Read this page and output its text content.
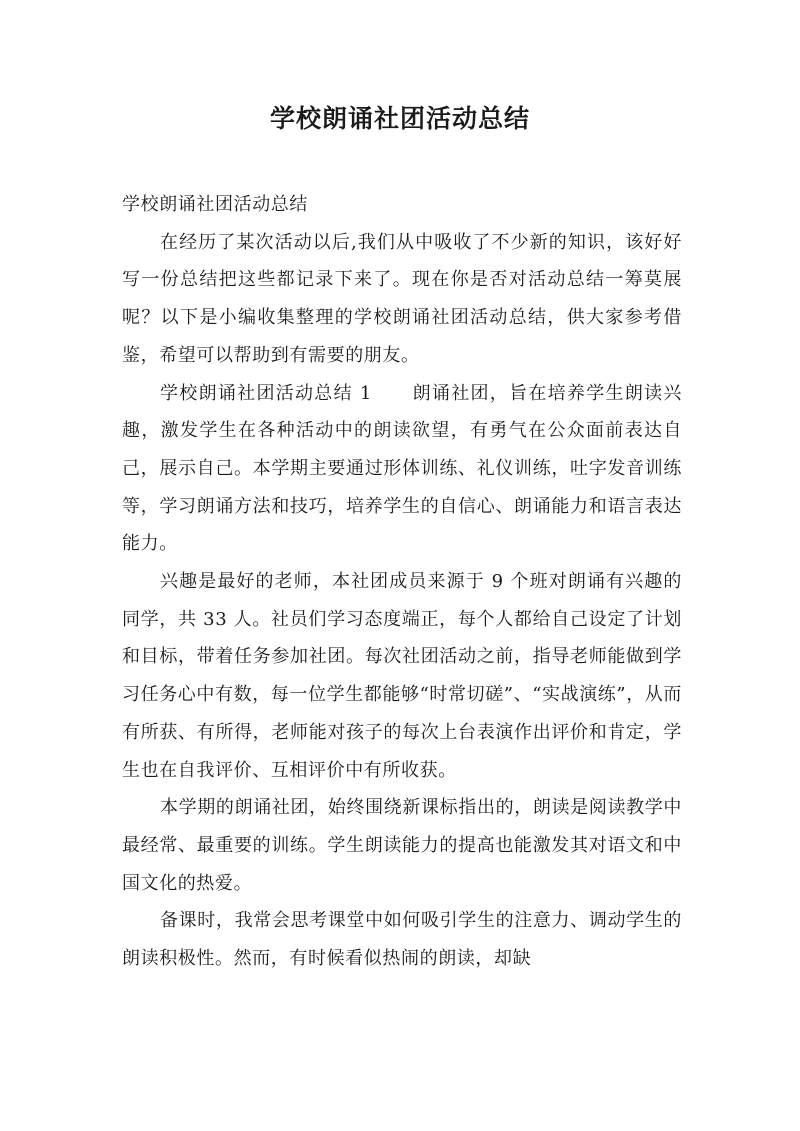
学校朗诵社团活动总结

学校朗诵社团活动总结

在经历了某次活动以后,我们从中吸收了不少新的知识，该好好写一份总结把这些都记录下来了。现在你是否对活动总结一筹莫展呢？以下是小编收集整理的学校朗诵社团活动总结，供大家参考借鉴，希望可以帮助到有需要的朋友。

学校朗诵社团活动总结 1 朗诵社团，旨在培养学生朗读兴趣，激发学生在各种活动中的朗读欲望，有勇气在公众面前表达自己，展示自己。本学期主要通过形体训练、礼仪训练，吐字发音训练等，学习朗诵方法和技巧，培养学生的自信心、朗诵能力和语言表达能力。

兴趣是最好的老师，本社团成员来源于 9 个班对朗诵有兴趣的同学，共 33 人。社员们学习态度端正，每个人都给自己设定了计划和目标，带着任务参加社团。每次社团活动之前，指导老师能做到学习任务心中有数，每一位学生都能够“时常切磋”、“实战演练”，从而有所获、有所得，老师能对孩子的每次上台表演作出评价和肯定，学生也在自我评价、互相评价中有所收获。

本学期的朗诵社团，始终围绕新课标指出的，朗读是阅读教学中最经常、最重要的训练。学生朗读能力的提高也能激发其对语文和中国文化的热爱。

备课时，我常会思考课堂中如何吸引学生的注意力、调动学生的朗读积极性。然而，有时候看似热闹的朗读，却缺
